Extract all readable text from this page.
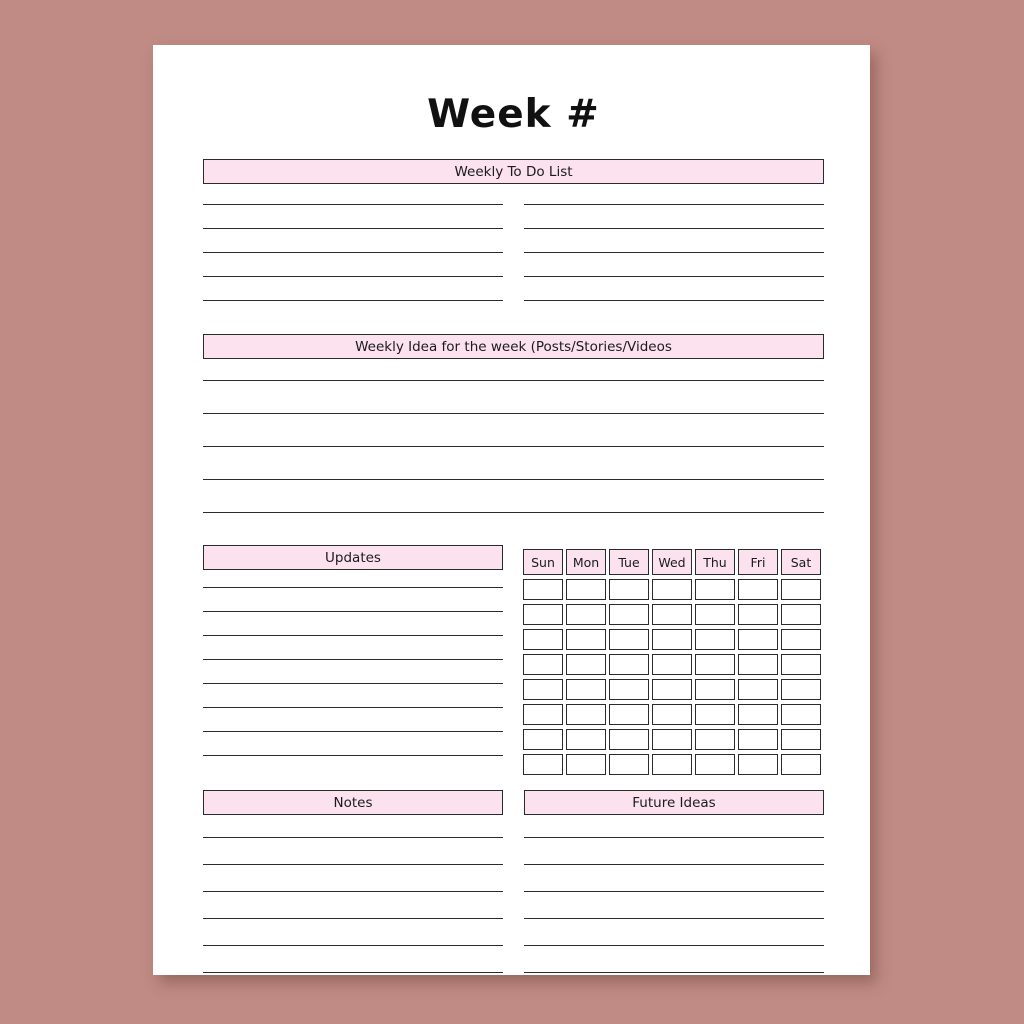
Week #
Weekly To Do List
Weekly Idea for the week (Posts/Stories/Videos
Updates	Sun	Mon	Tue	Wed	Thu	Fri	Sat

Notes	Future Ideas
